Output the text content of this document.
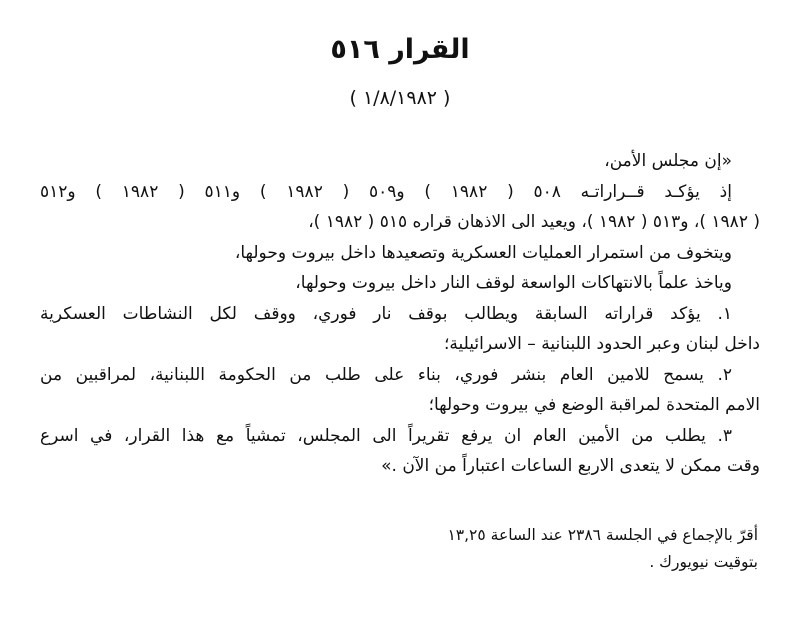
القرار ٥١٦
( ١/٨/١٩٨٢ )
«إن مجلس الأمن،
إذ يؤكـد قــراراتـه ٥٠٨ ( ١٩٨٢ ) و٥٠٩ ( ١٩٨٢ ) و٥١١ ( ١٩٨٢ ) و٥١٢
( ١٩٨٢ )، و٥١٣ ( ١٩٨٢ )، ويعيد الى الاذهان قراره ٥١٥ ( ١٩٨٢ )،
ويتخوف من استمرار العمليات العسكرية وتصعيدها داخل بيروت وحولها،
وياخذ علماً بالانتهاكات الواسعة لوقف النار داخل بيروت وحولها،
١. يؤكد قراراته السابقة ويطالب بوقف نار فوري، ووقف لكل النشاطات العسكرية
داخل لبنان وعبر الحدود اللبنانية – الاسرائيلية؛
٢. يسمح للامين العام بنشر فوري، بناء على طلب من الحكومة اللبنانية، لمراقبين من
الامم المتحدة لمراقبة الوضع في بيروت وحولها؛
٣. يطلب من الأمين العام ان يرفع تقريراً الى المجلس، تمشياً مع هذا القرار، في اسرع
وقت ممكن لا يتعدى الاربع الساعات اعتباراً من الآن .»
أقرّ بالإجماع في الجلسة ٢٣٨٦ عند الساعة ١٣,٢٥
بتوقيت نيويورك .
